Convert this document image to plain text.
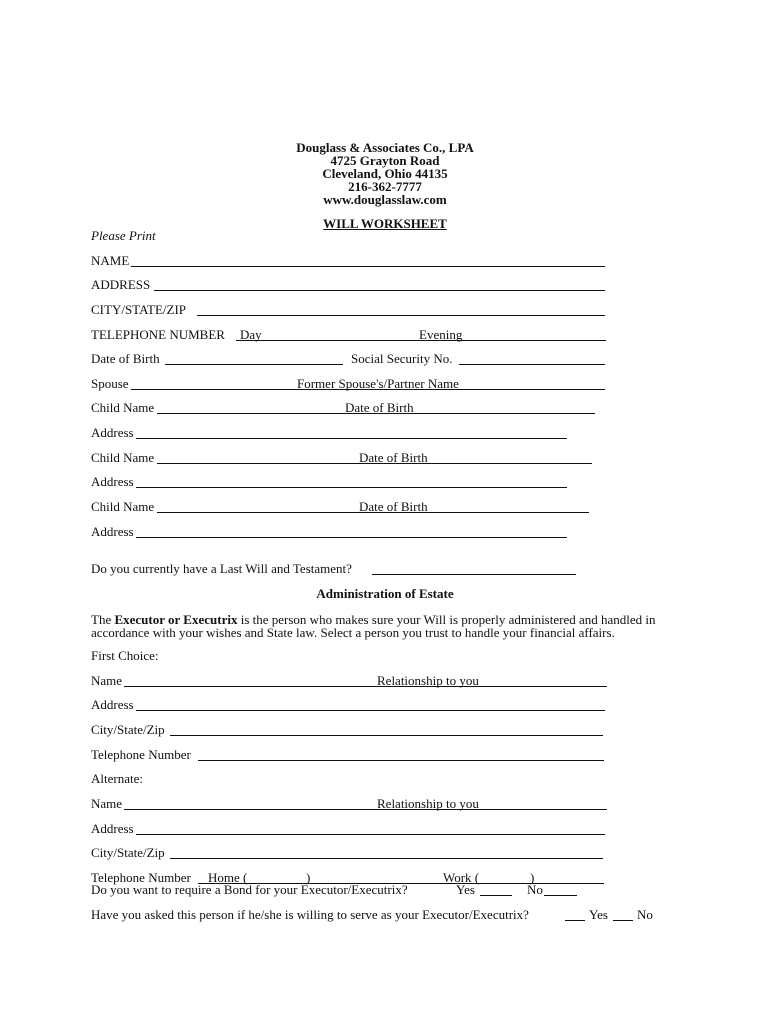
Douglass & Associates Co., LPA
4725 Grayton Road
Cleveland, Ohio 44135
216-362-7777
www.douglasslaw.com
WILL WORKSHEET
Please Print
NAME
ADDRESS
CITY/STATE/ZIP
TELEPHONE NUMBER Day	Evening
Date of Birth	Social Security No.
Spouse	Former Spouse's/Partner Name
Child Name	Date of Birth
Address
Child Name	Date of Birth
Address
Child Name	Date of Birth
Address
Do you currently have a Last Will and Testament?
Administration of Estate
The Executor or Executrix is the person who makes sure your Will is properly administered and handled in accordance with your wishes and State law. Select a person you trust to handle your financial affairs.
First Choice:
Name	Relationship to you
Address
City/State/Zip
Telephone Number
Alternate:
Name	Relationship to you
Address
City/State/Zip
Telephone Number Home (	)	Work (	)
Do you want to require a Bond for your Executor/Executrix?	Yes	No
Have you asked this person if he/she is willing to serve as your Executor/Executrix?	Yes No
